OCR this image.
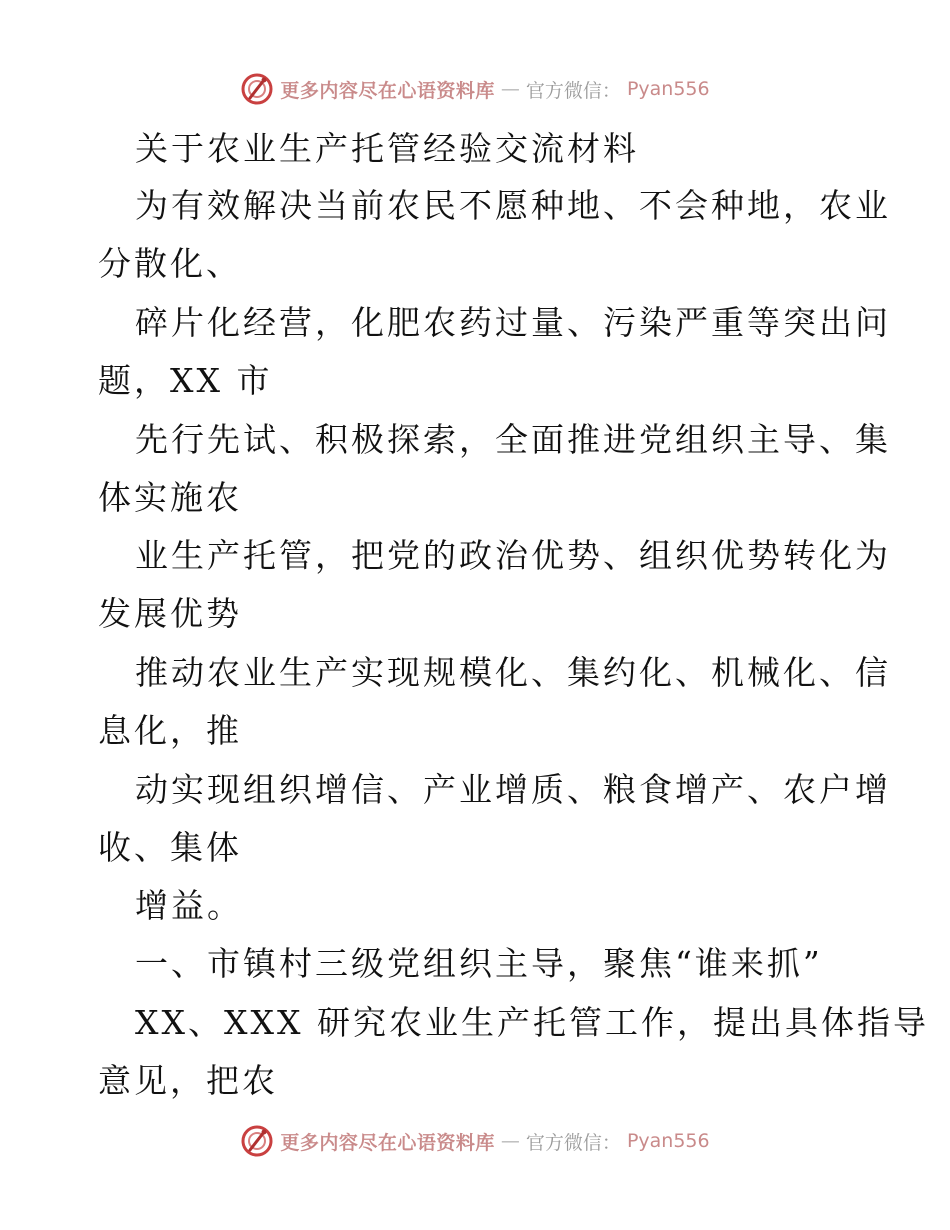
更多内容尽在心语资料库 — 官方微信： Pyan556
关于农业生产托管经验交流材料
为有效解决当前农民不愿种地、不会种地，农业
分散化、
碎片化经营，化肥农药过量、污染严重等突出问
题，XX 市
先行先试、积极探索，全面推进党组织主导、集
体实施农
业生产托管，把党的政治优势、组织优势转化为
发展优势
推动农业生产实现规模化、集约化、机械化、信
息化，推
动实现组织增信、产业增质、粮食增产、农户增
收、集体
增益。
一、市镇村三级党组织主导，聚焦“谁来抓”
XX、XXX 研究农业生产托管工作，提出具体指导
意见，把农
更多内容尽在心语资料库 — 官方微信： Pyan556
